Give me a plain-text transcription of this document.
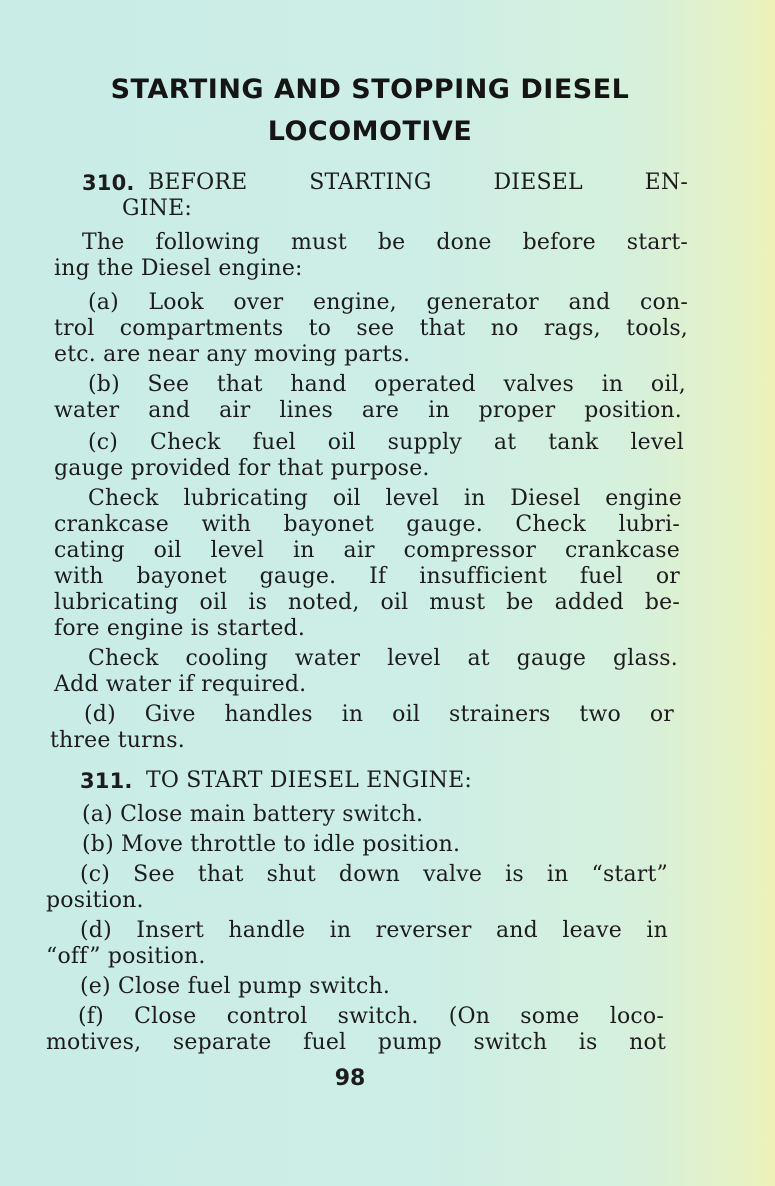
STARTING AND STOPPING DIESEL
LOCOMOTIVE
310. BEFORE STARTING DIESEL EN-
GINE:
The following must be done before start-
ing the Diesel engine:
(a) Look over engine, generator and con-
trol compartments to see that no rags, tools,
etc. are near any moving parts.
(b) See that hand operated valves in oil,
water and air lines are in proper position.
(c) Check fuel oil supply at tank level
gauge provided for that purpose.
Check lubricating oil level in Diesel engine
crankcase with bayonet gauge. Check lubri-
cating oil level in air compressor crankcase
with bayonet gauge. If insufficient fuel or
lubricating oil is noted, oil must be added be-
fore engine is started.
Check cooling water level at gauge glass.
Add water if required.
(d) Give handles in oil strainers two or
three turns.
311. TO START DIESEL ENGINE:
(a) Close main battery switch.
(b) Move throttle to idle position.
(c) See that shut down valve is in “start”
position.
(d) Insert handle in reverser and leave in
“off” position.
(e) Close fuel pump switch.
(f) Close control switch. (On some loco-
motives, separate fuel pump switch is not
98
